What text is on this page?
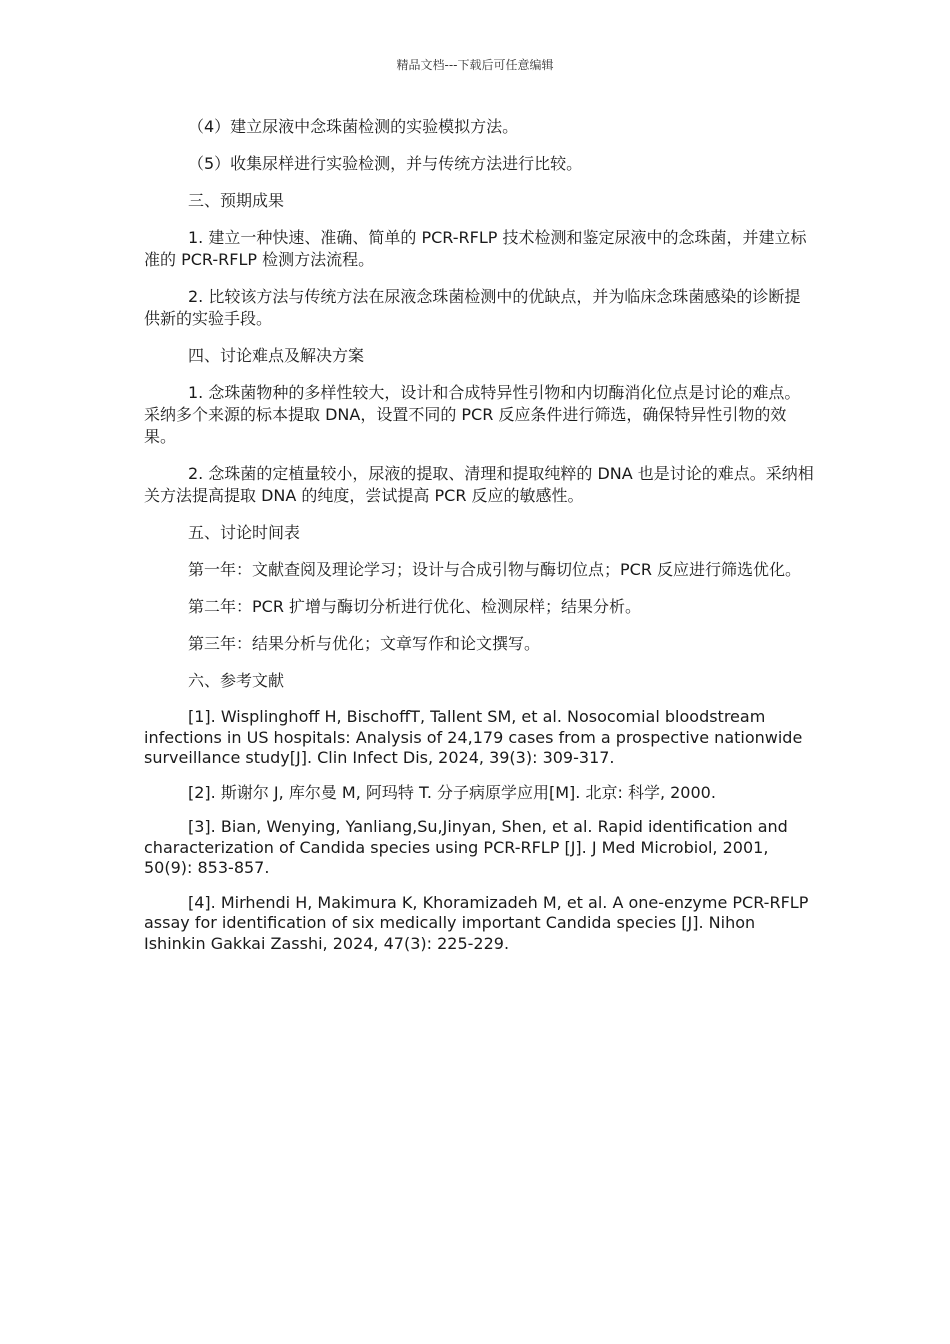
精品文档---下载后可任意编辑

（4）建立尿液中念珠菌检测的实验模拟方法。

（5）收集尿样进行实验检测，并与传统方法进行比较。

三、预期成果

1. 建立一种快速、准确、简单的 PCR-RFLP 技术检测和鉴定尿液中的念珠菌，并建立标准的 PCR-RFLP 检测方法流程。

2. 比较该方法与传统方法在尿液念珠菌检测中的优缺点，并为临床念珠菌感染的诊断提供新的实验手段。

四、讨论难点及解决方案

1. 念珠菌物种的多样性较大，设计和合成特异性引物和内切酶消化位点是讨论的难点。采纳多个来源的标本提取 DNA，设置不同的 PCR 反应条件进行筛选，确保特异性引物的效果。

2. 念珠菌的定植量较小，尿液的提取、清理和提取纯粹的 DNA 也是讨论的难点。采纳相关方法提高提取 DNA 的纯度，尝试提高 PCR 反应的敏感性。

五、讨论时间表

第一年：文献查阅及理论学习；设计与合成引物与酶切位点；PCR 反应进行筛选优化。

第二年：PCR 扩增与酶切分析进行优化、检测尿样；结果分析。

第三年：结果分析与优化；文章写作和论文撰写。

六、参考文献

[1]. Wisplinghoff H, BischoffT, Tallent SM, et al. Nosocomial bloodstream infections in US hospitals: Analysis of 24,179 cases from a prospective nationwide surveillance study[J]. Clin Infect Dis, 2024, 39(3): 309-317.

[2]. 斯谢尔 J, 库尔曼 M, 阿玛特 T. 分子病原学应用[M]. 北京: 科学, 2000.

[3]. Bian, Wenying, Yanliang,Su,Jinyan, Shen, et al. Rapid identification and characterization of Candida species using PCR-RFLP [J]. J Med Microbiol, 2001, 50(9): 853-857.

[4]. Mirhendi H, Makimura K, Khoramizadeh M, et al. A one-enzyme PCR-RFLP assay for identification of six medically important Candida species [J]. Nihon Ishinkin Gakkai Zasshi, 2024, 47(3): 225-229.
